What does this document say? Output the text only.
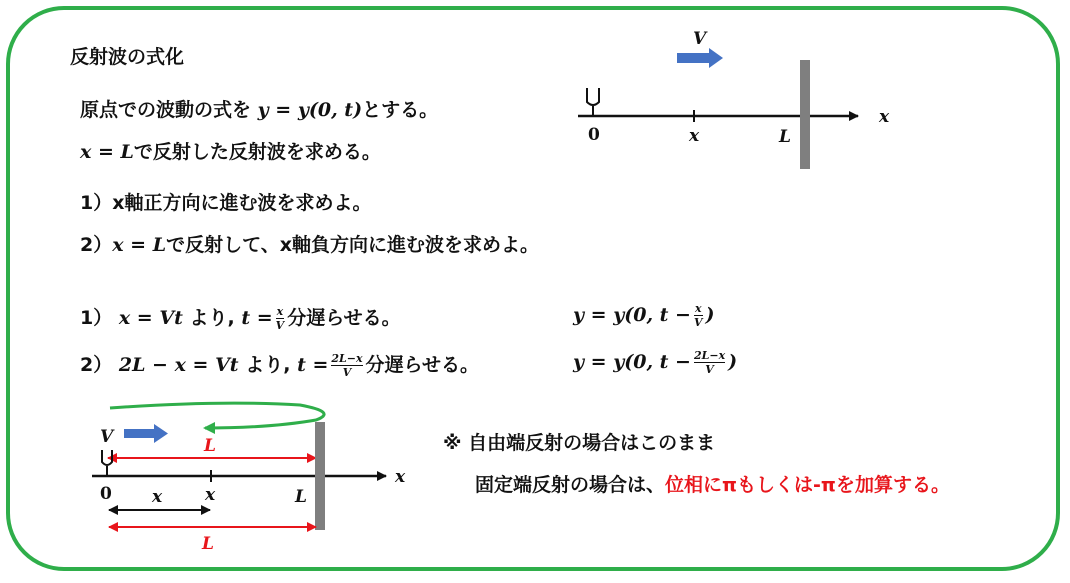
反射波の式化
原点での波動の式を y = y(0, t)とする。
x = Lで反射した反射波を求める。
1）x軸正方向に進む波を求めよ。
2）x = Lで反射して、x軸負方向に進む波を求めよ。
1） x = Vt より, $t = \frac{x}{V}$ 分遅らせる。	y = y(0, $t - \frac{x}{V}$ )
2） 2L − x = Vt より, $t = \frac{2L-x}{V}$ 分遅らせる。	y = y(0, $t - \frac{2L-x}{V}$ )
※ 自由端反射の場合はこのまま
固定端反射の場合は、位相にπもしくは-πを加算する。
V
0	x	L
x
V	L
0 x	x	L
x
L
